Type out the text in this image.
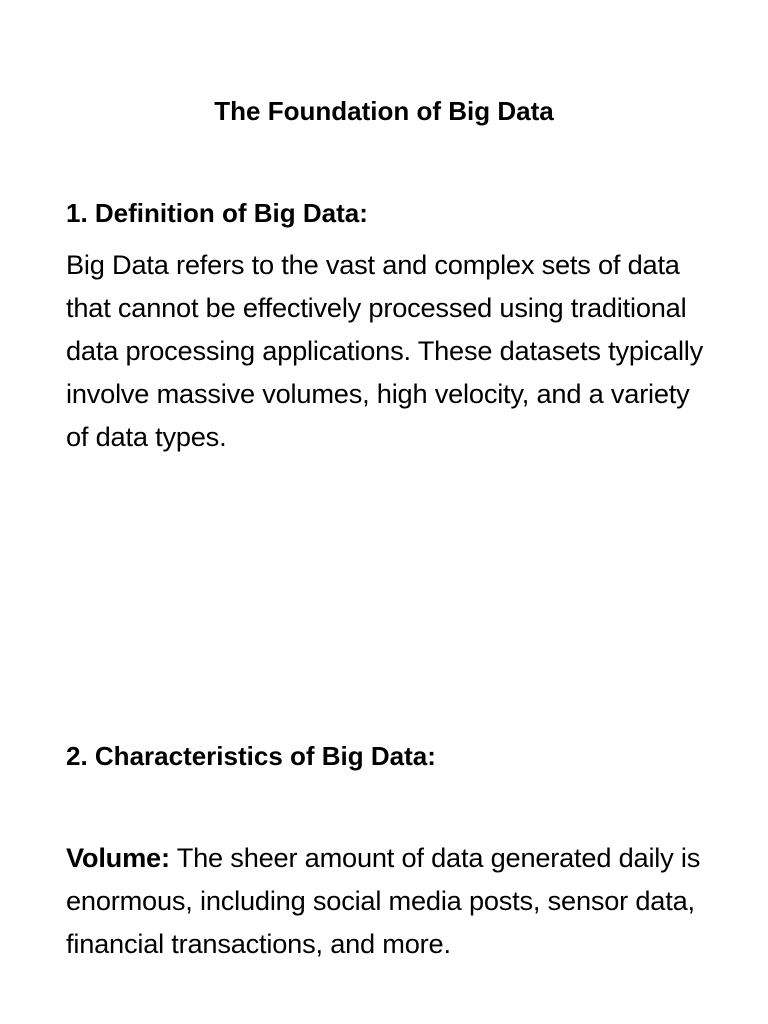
The Foundation of Big Data
1. Definition of Big Data:

Big Data refers to the vast and complex sets of data that cannot be effectively processed using traditional data processing applications. These datasets typically involve massive volumes, high velocity, and a variety of data types.

2. Characteristics of Big Data:

Volume: The sheer amount of data generated daily is enormous, including social media posts, sensor data, financial transactions, and more.
